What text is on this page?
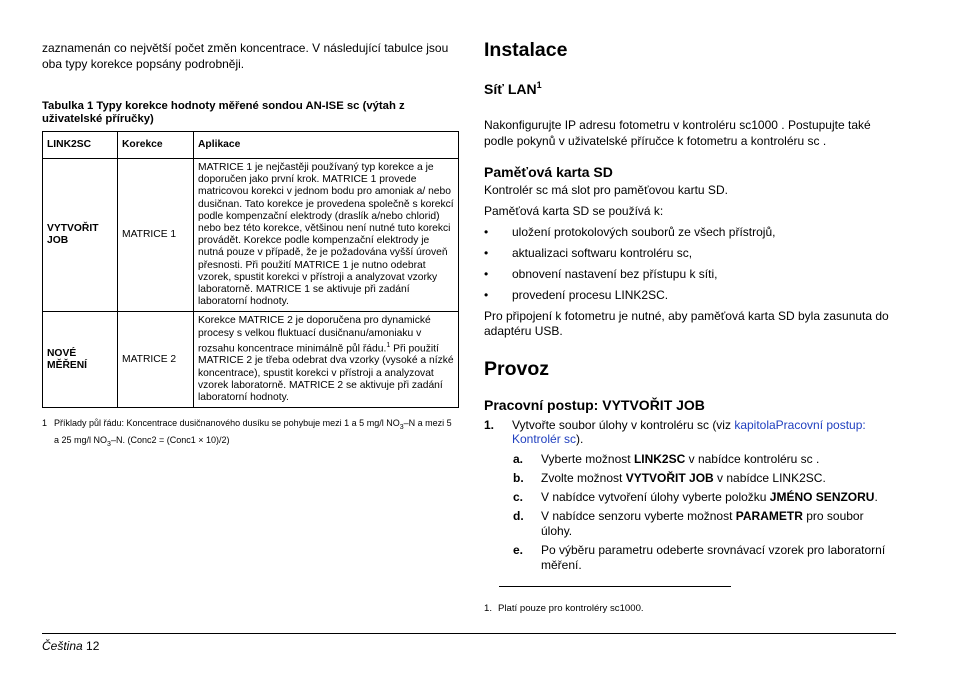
zaznamenán co největší počet změn koncentrace. V následující tabulce jsou oba typy korekce popsány podrobněji.

Tabulka 1 Typy korekce hodnoty měřené sondou AN-ISE sc (výtah z uživatelské příručky)

LINK2SC	Korekce	Aplikace
VYTVOŘIT JOB	MATRICE 1	MATRICE 1 je nejčastěji používaný typ korekce a je doporučen jako první krok. MATRICE 1 provede matricovou korekci v jednom bodu pro amoniak a/ nebo dusičnan. Tato korekce je provedena společně s korekcí podle kompenzační elektrody (draslík a/nebo chlorid) nebo bez této korekce, většinou není nutné tuto korekci provádět. Korekce podle kompenzační elektrody je nutná pouze v případě, že je požadována vyšší úroveň přesnosti. Při použití MATRICE 1 je nutno odebrat vzorek, spustit korekci v přístroji a analyzovat vzorky laboratorně. MATRICE 1 se aktivuje při zadání laboratorní hodnoty.
NOVÉ MĚŘENÍ	MATRICE 2	Korekce MATRICE 2 je doporučena pro dynamické procesy s velkou fluktuací dusičnanu/amoniaku v rozsahu koncentrace minimálně půl řádu.$^1$ Při použití MATRICE 2 je třeba odebrat dva vzorky (vysoké a nízké koncentrace), spustit korekci v přístroji a analyzovat vzorek laboratorně. MATRICE 2 se aktivuje při zadání laboratorní hodnoty.
1 Příklady půl řádu: Koncentrace dusičnanového dusíku se pohybuje mezi 1 a 5 mg/l $NO_3-N$ a mezi 5 a 25 mg/l $NO_3-N$. (Conc2 = (Conc1 × 10)/2)
Instalace
Síť LAN$^1$

Nakonfigurujte IP adresu fotometru v kontroléru sc1000 . Postupujte také podle pokynů v uživatelské příručce k fotometru a kontroléru sc .

Paměťová karta SD

Kontrolér sc má slot pro paměťovou kartu SD.

Paměťová karta SD se používá k:

•	uložení protokolových souborů ze všech přístrojů,
•	aktualizaci softwaru kontroléru sc,
•	obnovení nastavení bez přístupu k síti,
•	provedení procesu LINK2SC.

Pro připojení k fotometru je nutné, aby paměťová karta SD byla zasunuta do adaptéru USB.

Provoz
Pracovní postup: VYTVOŘIT JOB
1.	Vytvořte soubor úlohy v kontroléru sc (viz kapitolaPracovní postup: Kontrolér sc).
a.	Vyberte možnost LINK2SC v nabídce kontroléru sc .
b.	Zvolte možnost VYTVOŘIT JOB v nabídce LINK2SC.
c.	V nabídce vytvoření úlohy vyberte položku JMÉNO SENZORU.
d.	V nabídce senzoru vyberte možnost PARAMETR pro soubor úlohy.
e.	Po výběru parametru odeberte srovnávací vzorek pro laboratorní měření.
1. Platí pouze pro kontroléry sc1000.
Čeština 12
